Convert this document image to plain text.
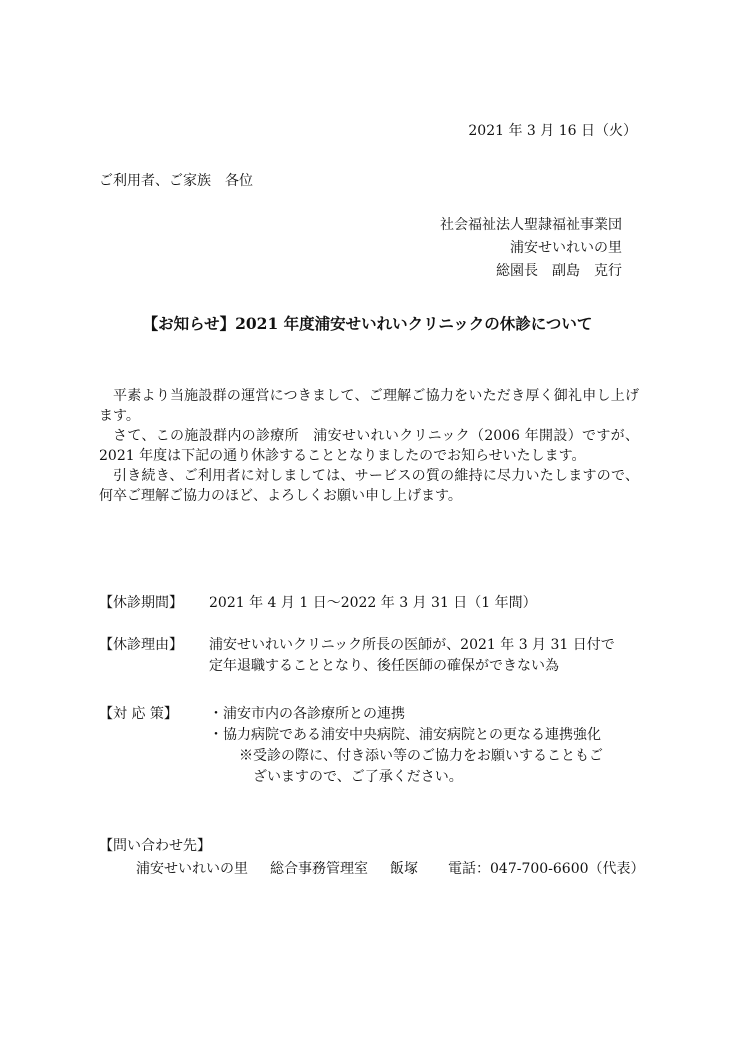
2021 年 3 月 16 日（火）
ご利用者、ご家族　各位
社会福祉法人聖隷福祉事業団
浦安せいれいの里
総園長　副島　克行
【お知らせ】2021 年度浦安せいれいクリニックの休診について

平素より当施設群の運営につきまして、ご理解ご協力をいただき厚く御礼申し上げます。

さて、この施設群内の診療所　浦安せいれいクリニック（2006 年開設）ですが、2021 年度は下記の通り休診することとなりましたのでお知らせいたします。

引き続き、ご利用者に対しましては、サービスの質の維持に尽力いたしますので、何卒ご理解ご協力のほど、よろしくお願い申し上げます。

【休診期間】 2021 年 4 月 1 日～2022 年 3 月 31 日（1 年間）
【休診理由】 浦安せいれいクリニック所長の医師が、2021 年 3 月 31 日付で
定年退職することとなり、後任医師の確保ができない為
【対 応 策】 ・浦安市内の各診療所との連携
・協力病院である浦安中央病院、浦安病院との更なる連携強化
※受診の際に、付き添い等のご協力をお願いすることもご
ざいますので、ご了承ください。
【問い合わせ先】
浦安せいれいの里 総合事務管理室 飯塚 電話：047-700-6600（代表）
